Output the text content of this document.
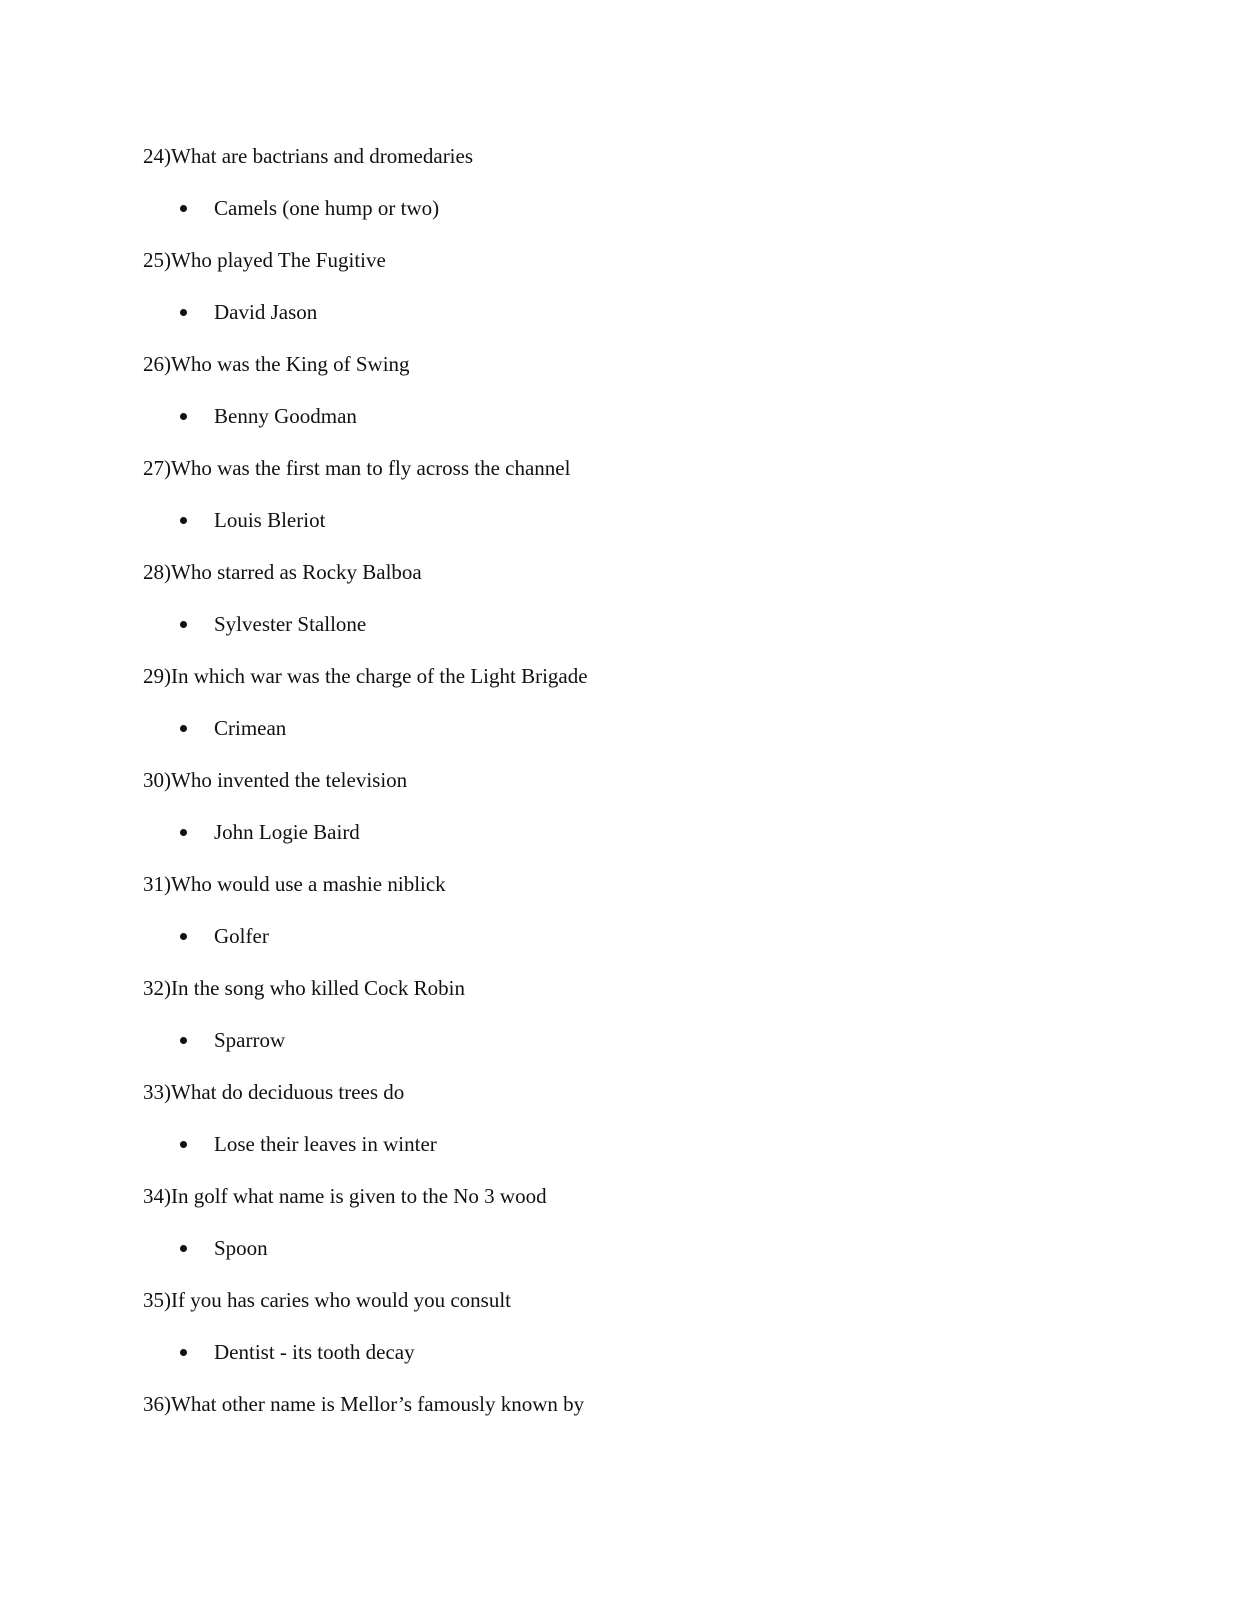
24)What are bactrians and dromedaries
Camels (one hump or two)
25)Who played The Fugitive
David Jason
26)Who was the King of Swing
Benny Goodman
27)Who was the first man to fly across the channel
Louis Bleriot
28)Who starred as Rocky Balboa
Sylvester Stallone
29)In which war was the charge of the Light Brigade
Crimean
30)Who invented the television
John Logie Baird
31)Who would use a mashie niblick
Golfer
32)In the song who killed Cock Robin
Sparrow
33)What do deciduous trees do
Lose their leaves in winter
34)In golf what name is given to the No 3 wood
Spoon
35)If you has caries who would you consult
Dentist - its tooth decay
36)What other name is Mellor’s famously known by
